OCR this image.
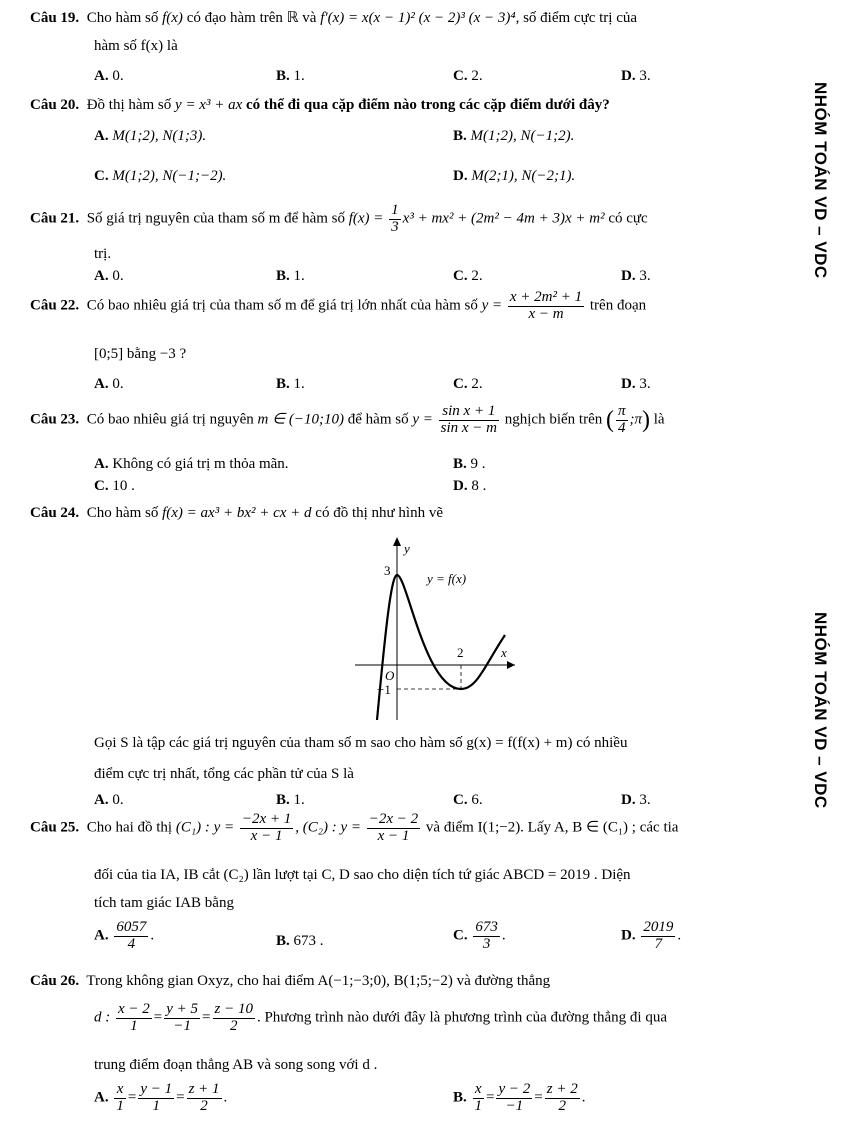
NHÓM TOÁN VD – VDC
NHÓM TOÁN VD – VDC
Câu 19. Cho hàm số f(x) có đạo hàm trên ℝ và f′(x) = x(x − 1)² (x − 2)³ (x − 3)⁴, số điểm cực trị của
hàm số f(x) là
A. 0.	B. 1.	C. 2.	D. 3.
Câu 20. Đồ thị hàm số y = x³ + ax có thể đi qua cặp điểm nào trong các cặp điểm dưới đây?
A. M(1;2), N(1;3).	B. M(1;2), N(−1;2).
C. M(1;2), N(−1;−2).	D. M(2;1), N(−2;1).
Câu 21. Số giá trị nguyên của tham số m để hàm số $f(x) = \frac{1}{3} x^3 + mx^2 + (2m^2 - 4m + 3)x + m^2$ có cực
trị.
A. 0.	B. 1.	C. 2.	D. 3.
Câu 22. Có bao nhiêu giá trị của tham số m để giá trị lớn nhất của hàm số $y = \frac{\text{x + 2m² + 1}}{x - m}$ trên đoạn
[0;5] bằng −3 ?
A. 0.	B. 1.	C. 2.	D. 3.
Câu 23. Có bao nhiêu giá trị nguyên m ∈ (−10;10) để hàm số $y = \frac{\text{sin x + 1}}{\text{sin x − m}}$ nghịch biến trên ( $\frac{\pi}{4}$ ;π) là
A. Không có giá trị m thỏa mãn.	B. 9 .
C. 10 .	D. 8 .
Câu 24. Cho hàm số f(x) = ax³ + bx² + cx + d có đồ thị như hình vẽ
y
3
y = f(x)
2	x
O
−1
Gọi S là tập các giá trị nguyên của tham số m sao cho hàm số g(x) = f(f(x) + m) có nhiều
điểm cực trị nhất, tổng các phần tử của S là
A. 0.	B. 1.	C. 6.	D. 3.
Câu 25. Cho hai đồ thị (C₁) : $y = \frac{-2x + 1}{x - 1}$ , (C₂) : $y = \frac{-2x - 2}{x - 1}$ và điểm I(1;−2). Lấy A, B ∈ (C₁) ; các tia
đối của tia IA, IB cắt (C₂) lần lượt tại C, D sao cho diện tích tứ giác ABCD = 2019 . Diện
tích tam giác IAB bằng
A. $\frac{6057}{4}$ .	B. 673 .	C. $\frac{673}{3}$ .	D. $\frac{2019}{7}$ .
Câu 26. Trong không gian Oxyz, cho hai điểm A(−1;−3;0), B(1;5;−2) và đường thẳng
d : $\frac{x - 2}{1} = \frac{y + 5}{-1} = \frac{z - 10}{2}$ . Phương trình nào dưới đây là phương trình của đường thẳng đi qua
trung điểm đoạn thẳng AB và song song với d .
A. $\frac{x}{1} = \frac{y - 1}{1} = \frac{z + 1}{2}$ .	B. $\frac{x}{1} = \frac{y - 2}{-1} = \frac{z + 2}{2}$ .
